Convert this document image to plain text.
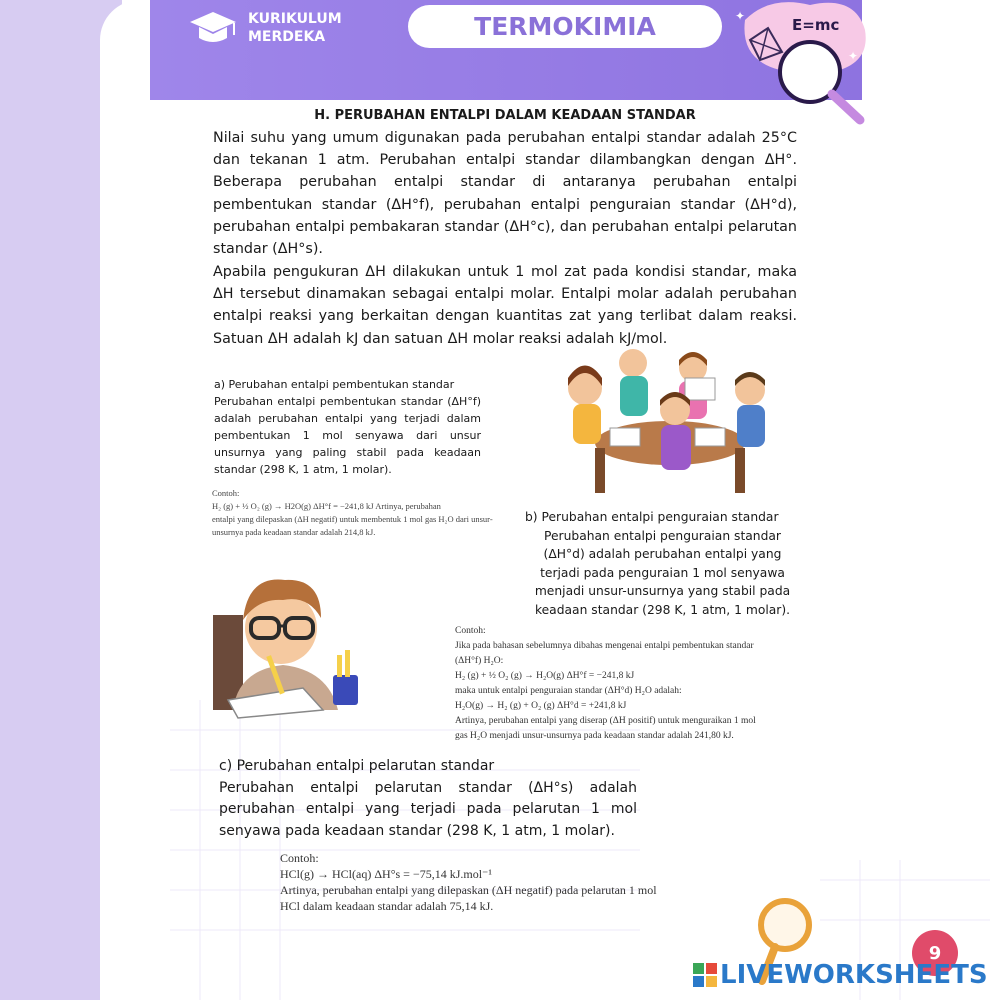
KURIKULUM
MERDEKA	TERMOKIMIA	E=mc
✦
✦
H. PERUBAHAN ENTALPI DALAM KEADAAN STANDAR
Nilai suhu yang umum digunakan pada perubahan entalpi standar adalah 25°C dan tekanan 1 atm. Perubahan entalpi standar dilambangkan dengan ΔH°. Beberapa perubahan entalpi standar di antaranya perubahan entalpi pembentukan standar (ΔH°f), perubahan entalpi penguraian standar (ΔH°d), perubahan entalpi pembakaran standar (ΔH°c), dan perubahan entalpi pelarutan standar (ΔH°s).
Apabila pengukuran ΔH dilakukan untuk 1 mol zat pada kondisi standar, maka ΔH tersebut dinamakan sebagai entalpi molar. Entalpi molar adalah perubahan entalpi reaksi yang berkaitan dengan kuantitas zat yang terlibat dalam reaksi. Satuan ΔH adalah kJ dan satuan ΔH molar reaksi adalah kJ/mol.
a) Perubahan entalpi pembentukan standar
Perubahan entalpi pembentukan standar (ΔH°f) adalah perubahan entalpi yang terjadi dalam pembentukan 1 mol senyawa dari unsur unsurnya yang paling stabil pada keadaan standar (298 K, 1 atm, 1 molar).
Contoh:
H₂ (g) + ½ O₂ (g) → H2O(g) ΔH°f = −241,8 kJ Artinya, perubahan
entalpi yang dilepaskan (ΔH negatif) untuk membentuk 1 mol gas H₂O dari unsur-unsurnya pada keadaan standar adalah 214,8 kJ.
b) Perubahan entalpi penguraian standar
Perubahan entalpi penguraian standar (ΔH°d) adalah perubahan entalpi yang terjadi pada penguraian 1 mol senyawa menjadi unsur-unsurnya yang stabil pada keadaan standar (298 K, 1 atm, 1 molar).
Contoh:
Jika pada bahasan sebelumnya dibahas mengenai entalpi pembentukan standar
(ΔH°f) H₂O:
H₂ (g) + ½ O₂ (g) → H₂O(g) ΔH°f = −241,8 kJ
maka untuk entalpi penguraian standar (ΔH°d) H₂O adalah:
H₂O(g) → H₂ (g) + O₂ (g) ΔH°d = +241,8 kJ
Artinya, perubahan entalpi yang diserap (ΔH positif) untuk menguraikan 1 mol
gas H₂O menjadi unsur-unsurnya pada keadaan standar adalah 241,80 kJ.
c) Perubahan entalpi pelarutan standar
Perubahan entalpi pelarutan standar (ΔH°s) adalah perubahan entalpi yang terjadi pada pelarutan 1 mol senyawa pada keadaan standar (298 K, 1 atm, 1 molar).
Contoh:
HCl(g) → HCl(aq) ΔH°s = −75,14 kJ.mol⁻¹
Artinya, perubahan entalpi yang dilepaskan (ΔH negatif) pada pelarutan 1 mol
HCl dalam keadaan standar adalah 75,14 kJ.
9
LIVEWORKSHEETS
